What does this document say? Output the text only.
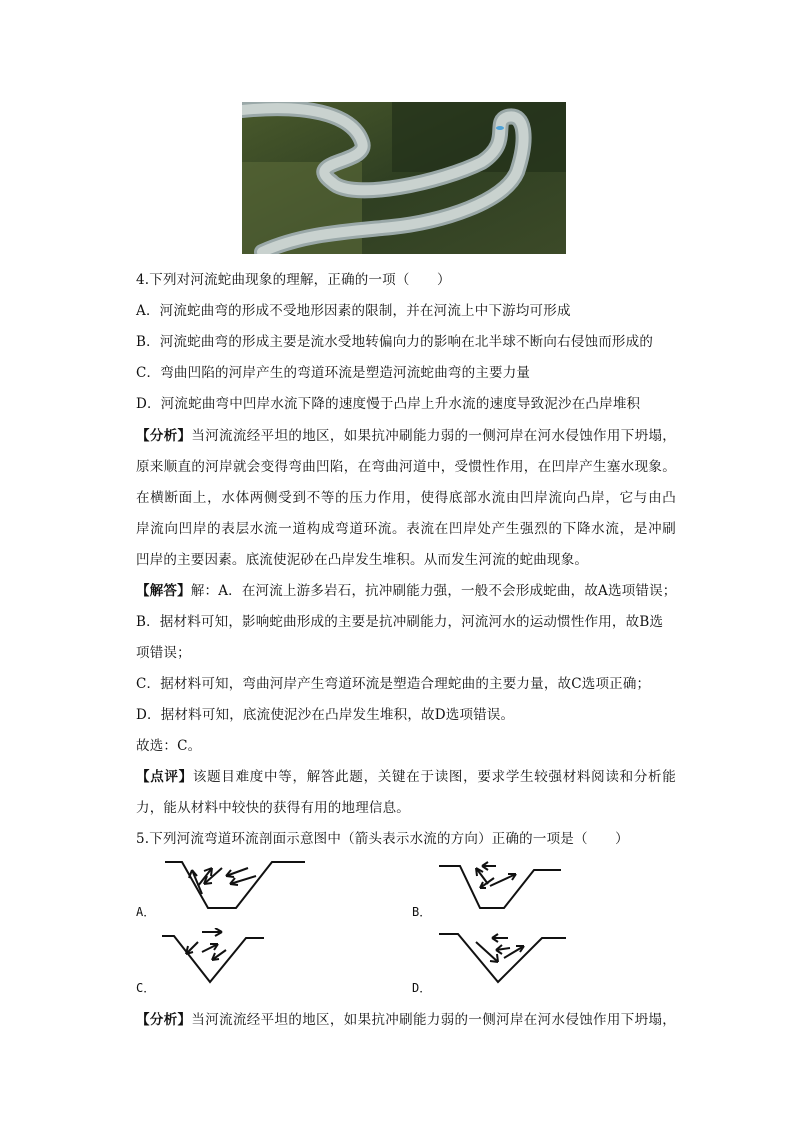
4.下列对河流蛇曲现象的理解，正确的一项（　　）
A．河流蛇曲弯的形成不受地形因素的限制，并在河流上中下游均可形成
B．河流蛇曲弯的形成主要是流水受地转偏向力的影响在北半球不断向右侵蚀而形成的
C．弯曲凹陷的河岸产生的弯道环流是塑造河流蛇曲弯的主要力量
D．河流蛇曲弯中凹岸水流下降的速度慢于凸岸上升水流的速度导致泥沙在凸岸堆积
【分析】当河流流经平坦的地区，如果抗冲刷能力弱的一侧河岸在河水侵蚀作用下坍塌，
原来顺直的河岸就会变得弯曲凹陷，在弯曲河道中，受惯性作用，在凹岸产生塞水现象。
在横断面上，水体两侧受到不等的压力作用，使得底部水流由凹岸流向凸岸，它与由凸
岸流向凹岸的表层水流一道构成弯道环流。表流在凹岸处产生强烈的下降水流，是冲刷
凹岸的主要因素。底流使泥砂在凸岸发生堆积。从而发生河流的蛇曲现象。
【解答】解：A．在河流上游多岩石，抗冲刷能力强，一般不会形成蛇曲，故A选项错误；
B．据材料可知，影响蛇曲形成的主要是抗冲刷能力，河流河水的运动惯性作用，故B选
项错误；
C．据材料可知，弯曲河岸产生弯道环流是塑造合理蛇曲的主要力量，故C选项正确；
D．据材料可知，底流使泥沙在凸岸发生堆积，故D选项错误。
故选：C。
【点评】该题目难度中等，解答此题，关键在于读图，要求学生较强材料阅读和分析能
力，能从材料中较快的获得有用的地理信息。
5.下列河流弯道环流剖面示意图中（箭头表示水流的方向）正确的一项是（　　）
A．	B．
C．	D．
【分析】当河流流经平坦的地区，如果抗冲刷能力弱的一侧河岸在河水侵蚀作用下坍塌，
